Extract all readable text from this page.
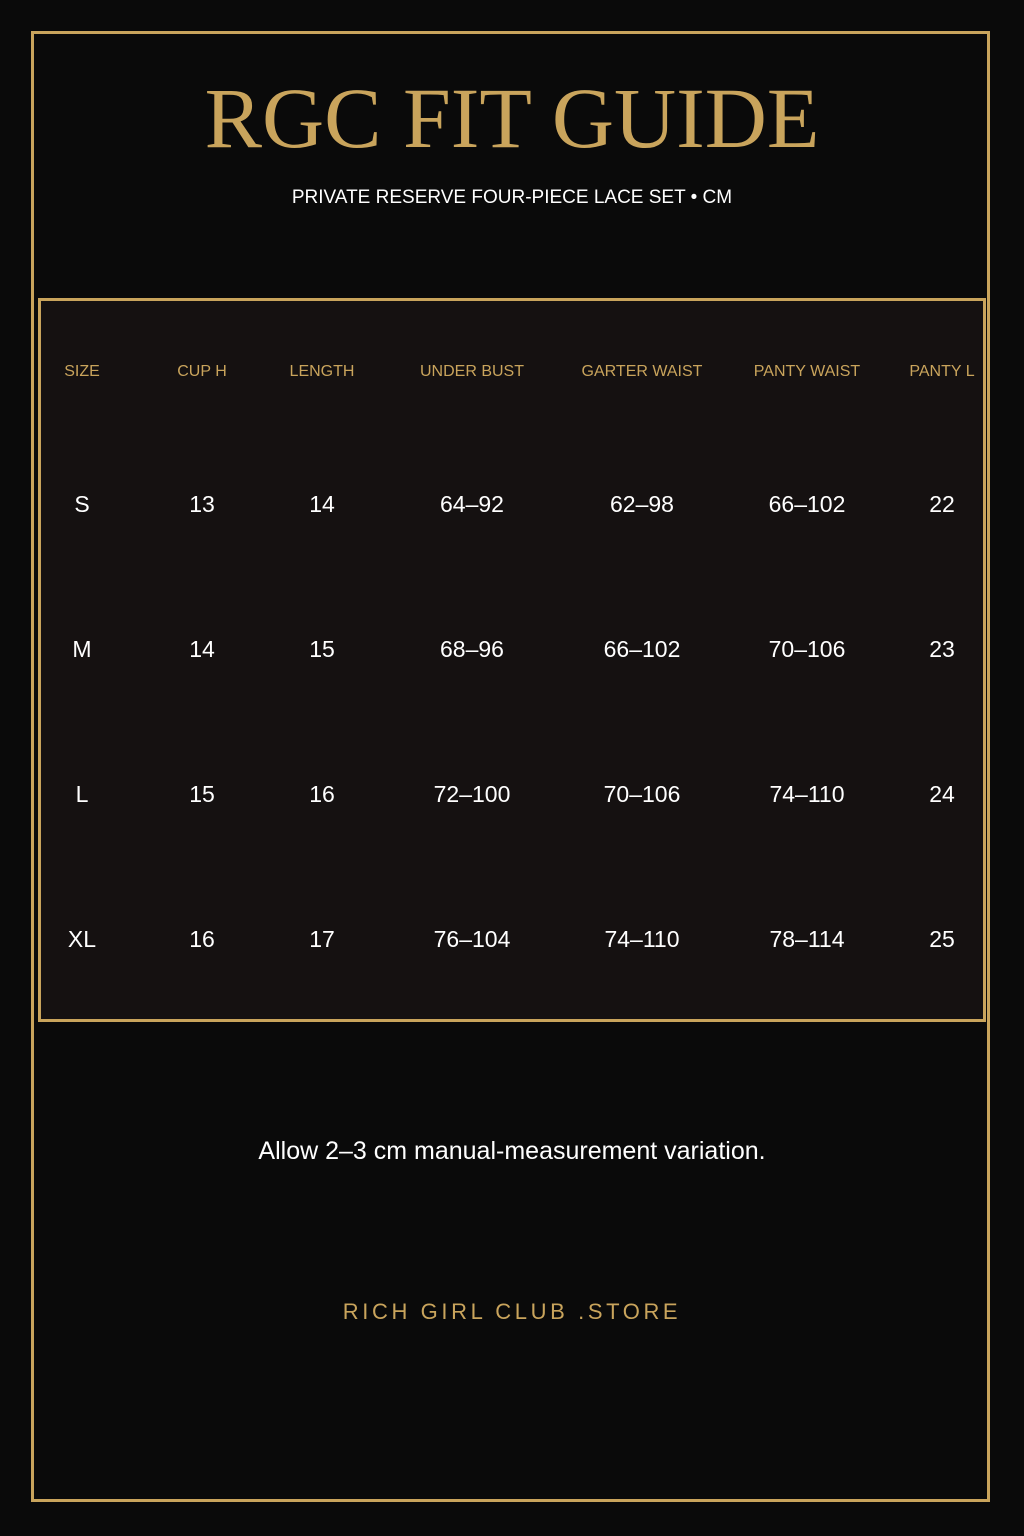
RGC FIT GUIDE
PRIVATE RESERVE FOUR-PIECE LACE SET • CM
SIZE	CUP H	LENGTH	UNDER BUST	GARTER WAIST	PANTY WAIST	PANTY L
S	13	14	64–92	62–98	66–102	22
M	14	15	68–96	66–102	70–106	23
L	15	16	72–100	70–106	74–110	24
XL	16	17	76–104	74–110	78–114	25
Allow 2–3 cm manual-measurement variation.
RICH GIRL CLUB .STORE
